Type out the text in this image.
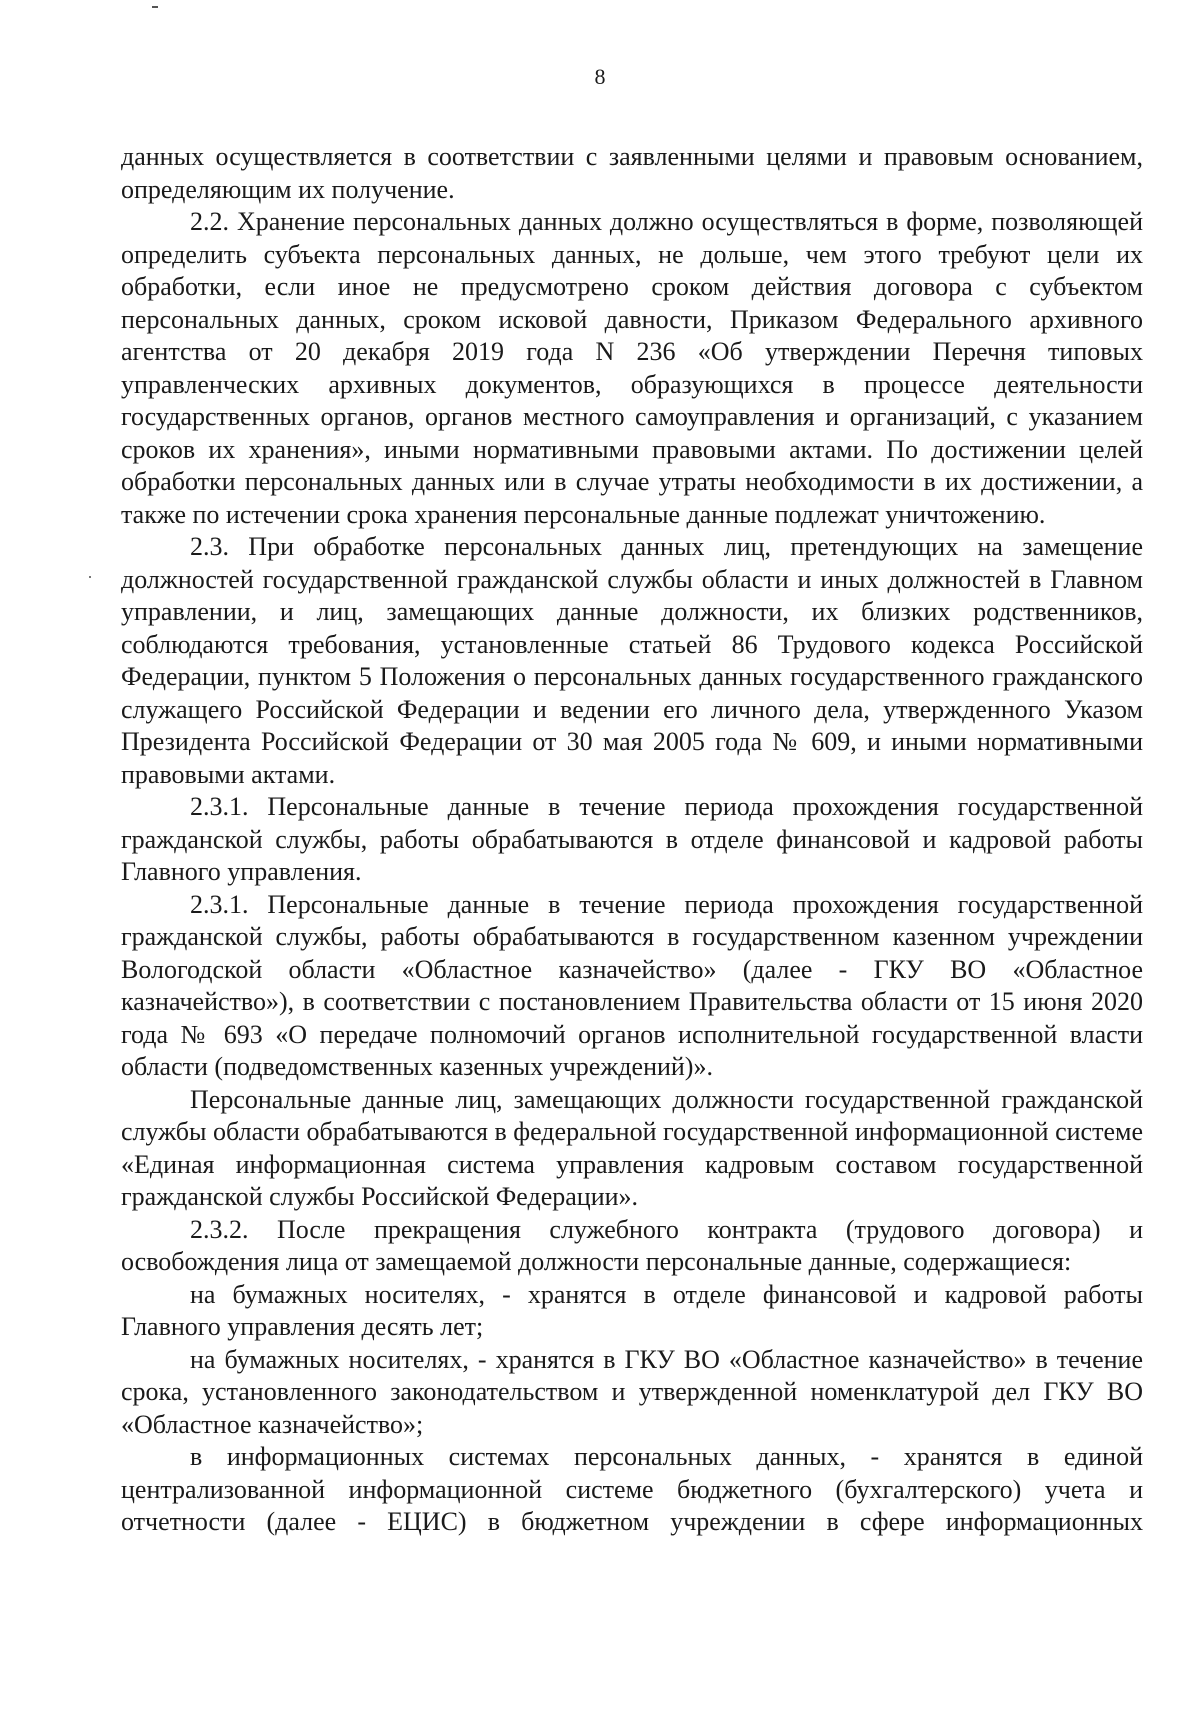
8

данных осуществляется в соответствии с заявленными целями и правовым основанием, определяющим их получение.

2.2. Хранение персональных данных должно осуществляться в форме, позволяющей определить субъекта персональных данных, не дольше, чем этого требуют цели их обработки, если иное не предусмотрено сроком действия договора с субъектом персональных данных, сроком исковой давности, Приказом Федерального архивного агентства от 20 декабря 2019 года N 236 «Об утверждении Перечня типовых управленческих архивных документов, образующихся в процессе деятельности государственных органов, органов местного самоуправления и организаций, с указанием сроков их хранения», иными нормативными правовыми актами. По достижении целей обработки персональных данных или в случае утраты необходимости в их достижении, а также по истечении срока хранения персональные данные подлежат уничтожению.

2.3. При обработке персональных данных лиц, претендующих на замещение должностей государственной гражданской службы области и иных должностей в Главном управлении, и лиц, замещающих данные должности, их близких родственников, соблюдаются требования, установленные статьей 86 Трудового кодекса Российской Федерации, пунктом 5 Положения о персональных данных государственного гражданского служащего Российской Федерации и ведении его личного дела, утвержденного Указом Президента Российской Федерации от 30 мая 2005 года № 609, и иными нормативными правовыми актами.

2.3.1. Персональные данные в течение периода прохождения государственной гражданской службы, работы обрабатываются в отделе финансовой и кадровой работы Главного управления.

2.3.1. Персональные данные в течение периода прохождения государственной гражданской службы, работы обрабатываются в государственном казенном учреждении Вологодской области «Областное казначейство» (далее - ГКУ ВО «Областное казначейство»), в соответствии с постановлением Правительства области от 15 июня 2020 года № 693 «О передаче полномочий органов исполнительной государственной власти области (подведомственных казенных учреждений)».

Персональные данные лиц, замещающих должности государственной гражданской службы области обрабатываются в федеральной государственной информационной системе «Единая информационная система управления кадровым составом государственной гражданской службы Российской Федерации».

2.3.2. После прекращения служебного контракта (трудового договора) и освобождения лица от замещаемой должности персональные данные, содержащиеся:

на бумажных носителях, - хранятся в отделе финансовой и кадровой работы Главного управления десять лет;

на бумажных носителях, - хранятся в ГКУ ВО «Областное казначейство» в течение срока, установленного законодательством и утвержденной номенклатурой дел ГКУ ВО «Областное казначейство»;

в информационных системах персональных данных, - хранятся в единой централизованной информационной системе бюджетного (бухгалтерского) учета и отчетности (далее - ЕЦИС) в бюджетном учреждении в сфере информационных
